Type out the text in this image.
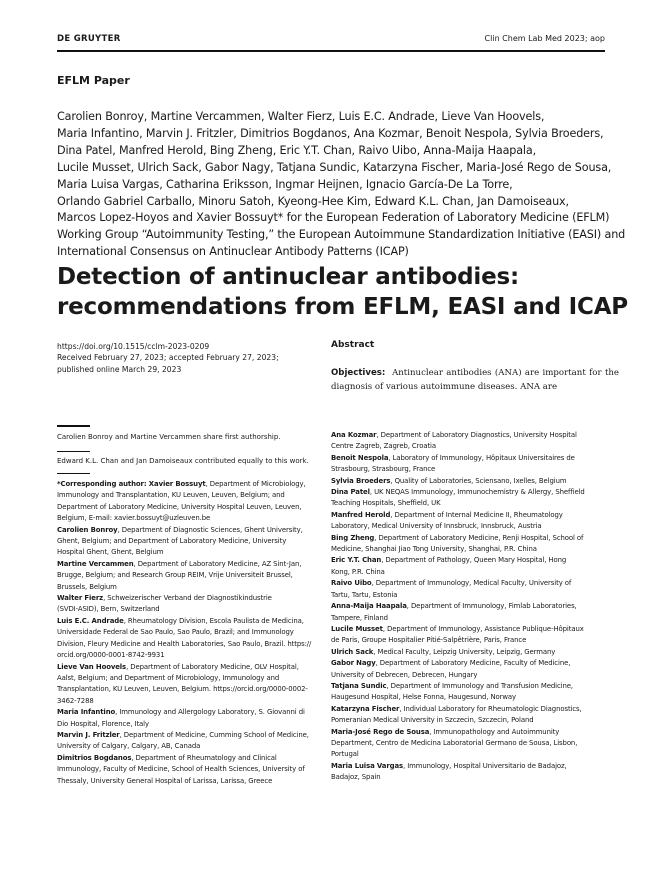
DE GRUYTER	Clin Chem Lab Med 2023; aop
EFLM Paper
Carolien Bonroy, Martine Vercammen, Walter Fierz, Luis E.C. Andrade, Lieve Van Hoovels,
Maria Infantino, Marvin J. Fritzler, Dimitrios Bogdanos, Ana Kozmar, Benoit Nespola, Sylvia Broeders,
Dina Patel, Manfred Herold, Bing Zheng, Eric Y.T. Chan, Raivo Uibo, Anna-Maija Haapala,
Lucile Musset, Ulrich Sack, Gabor Nagy, Tatjana Sundic, Katarzyna Fischer, Maria-José Rego de Sousa,
Maria Luisa Vargas, Catharina Eriksson, Ingmar Heijnen, Ignacio García-De La Torre,
Orlando Gabriel Carballo, Minoru Satoh, Kyeong-Hee Kim, Edward K.L. Chan, Jan Damoiseaux,
Marcos Lopez-Hoyos and Xavier Bossuyt* for the European Federation of Laboratory Medicine (EFLM)
Working Group “Autoimmunity Testing,” the European Autoimmune Standardization Initiative (EASI) and
International Consensus on Antinuclear Antibody Patterns (ICAP)
Detection of antinuclear antibodies:
recommendations from EFLM, EASI and ICAP
https://doi.org/10.1515/cclm-2023-0209
Received February 27, 2023; accepted February 27, 2023;
published online March 29, 2023
Abstract
Objectives: Antinuclear antibodies (ANA) are important for the diagnosis of various autoimmune diseases. ANA are
Carolien Bonroy and Martine Vercammen share first authorship.
Edward K.L. Chan and Jan Damoiseaux contributed equally to this work.
*Corresponding author: Xavier Bossuyt, Department of Microbiology,
Immunology and Transplantation, KU Leuven, Leuven, Belgium; and
Department of Laboratory Medicine, University Hospital Leuven, Leuven,
Belgium, E-mail: xavier.bossuyt@uzleuven.be
Carolien Bonroy, Department of Diagnostic Sciences, Ghent University,
Ghent, Belgium; and Department of Laboratory Medicine, University
Hospital Ghent, Ghent, Belgium
Martine Vercammen, Department of Laboratory Medicine, AZ Sint-Jan,
Brugge, Belgium; and Research Group REIM, Vrije Universiteit Brussel,
Brussels, Belgium
Walter Fierz, Schweizerischer Verband der Diagnostikindustrie
(SVDI-ASID), Bern, Switzerland
Luis E.C. Andrade, Rheumatology Division, Escola Paulista de Medicina,
Universidade Federal de Sao Paulo, Sao Paulo, Brazil; and Immunology
Division, Fleury Medicine and Health Laboratories, Sao Paulo, Brazil. https://
orcid.org/0000-0001-8742-9931
Lieve Van Hoovels, Department of Laboratory Medicine, OLV Hospital,
Aalst, Belgium; and Department of Microbiology, Immunology and
Transplantation, KU Leuven, Leuven, Belgium. https://orcid.org/0000-0002-
3462-7288
Maria Infantino, Immunology and Allergology Laboratory, S. Giovanni di
Dio Hospital, Florence, Italy
Marvin J. Fritzler, Department of Medicine, Cumming School of Medicine,
University of Calgary, Calgary, AB, Canada
Dimitrios Bogdanos, Department of Rheumatology and Clinical
Immunology, Faculty of Medicine, School of Health Sciences, University of
Thessaly, University General Hospital of Larissa, Larissa, Greece
Ana Kozmar, Department of Laboratory Diagnostics, University Hospital
Centre Zagreb, Zagreb, Croatia
Benoit Nespola, Laboratory of Immunology, Hôpitaux Universitaires de
Strasbourg, Strasbourg, France
Sylvia Broeders, Quality of Laboratories, Sciensano, Ixelles, Belgium
Dina Patel, UK NEQAS Immunology, Immunochemistry & Allergy, Sheffield
Teaching Hospitals, Sheffield, UK
Manfred Herold, Department of Internal Medicine II, Rheumatology
Laboratory, Medical University of Innsbruck, Innsbruck, Austria
Bing Zheng, Department of Laboratory Medicine, Renji Hospital, School of
Medicine, Shanghai Jiao Tong University, Shanghai, P.R. China
Eric Y.T. Chan, Department of Pathology, Queen Mary Hospital, Hong
Kong, P.R. China
Raivo Uibo, Department of Immunology, Medical Faculty, University of
Tartu, Tartu, Estonia
Anna-Maija Haapala, Department of Immunology, Fimlab Laboratories,
Tampere, Finland
Lucile Musset, Department of Immunology, Assistance Publique-Hôpitaux
de Paris, Groupe Hospitalier Pitié-Salpêtrière, Paris, France
Ulrich Sack, Medical Faculty, Leipzig University, Leipzig, Germany
Gabor Nagy, Department of Laboratory Medicine, Faculty of Medicine,
University of Debrecen, Debrecen, Hungary
Tatjana Sundic, Department of Immunology and Transfusion Medicine,
Haugesund Hospital, Helse Fonna, Haugesund, Norway
Katarzyna Fischer, Individual Laboratory for Rheumatologic Diagnostics,
Pomeranian Medical University in Szczecin, Szczecin, Poland
Maria-José Rego de Sousa, Immunopathology and Autoimmunity
Department, Centro de Medicina Laboratorial Germano de Sousa, Lisbon,
Portugal
Maria Luisa Vargas, Immunology, Hospital Universitario de Badajoz,
Badajoz, Spain
